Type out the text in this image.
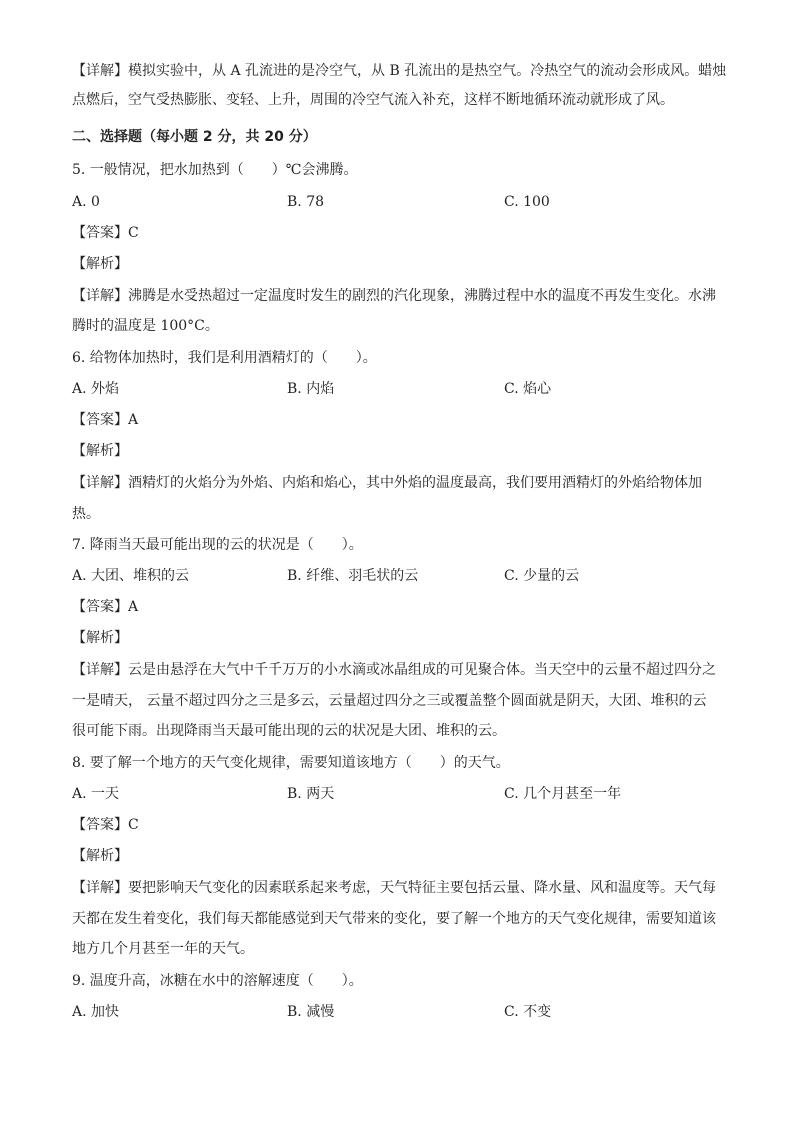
【详解】模拟实验中，从 A 孔流进的是冷空气，从 B 孔流出的是热空气。冷热空气的流动会形成风。蜡烛
点燃后，空气受热膨胀、变轻、上升，周围的冷空气流入补充，这样不断地循环流动就形成了风。
二、选择题（每小题 2 分，共 20 分）
5. 一般情况，把水加热到（　　）℃会沸腾。
A. 0	B. 78	C. 100
【答案】C
【解析】
【详解】沸腾是水受热超过一定温度时发生的剧烈的汽化现象，沸腾过程中水的温度不再发生变化。水沸
腾时的温度是 100°C。
6. 给物体加热时，我们是利用酒精灯的（　　）。
A. 外焰	B. 内焰	C. 焰心
【答案】A
【解析】
【详解】酒精灯的火焰分为外焰、内焰和焰心，其中外焰的温度最高，我们要用酒精灯的外焰给物体加
热。
7. 降雨当天最可能出现的云的状况是（　　）。
A. 大团、堆积的云	B. 纤维、羽毛状的云	C. 少量的云
【答案】A
【解析】
【详解】云是由悬浮在大气中千千万万的小水滴或冰晶组成的可见聚合体。当天空中的云量不超过四分之
一是晴天， 云量不超过四分之三是多云，云量超过四分之三或覆盖整个圆面就是阴天，大团、堆积的云
很可能下雨。出现降雨当天最可能出现的云的状况是大团、堆积的云。
8. 要了解一个地方的天气变化规律，需要知道该地方（　　）的天气。
A. 一天	B. 两天	C. 几个月甚至一年
【答案】C
【解析】
【详解】要把影响天气变化的因素联系起来考虑，天气特征主要包括云量、降水量、风和温度等。天气每
天都在发生着变化，我们每天都能感觉到天气带来的变化，要了解一个地方的天气变化规律，需要知道该
地方几个月甚至一年的天气。
9. 温度升高，冰糖在水中的溶解速度（　　）。
A. 加快	B. 减慢	C. 不变
